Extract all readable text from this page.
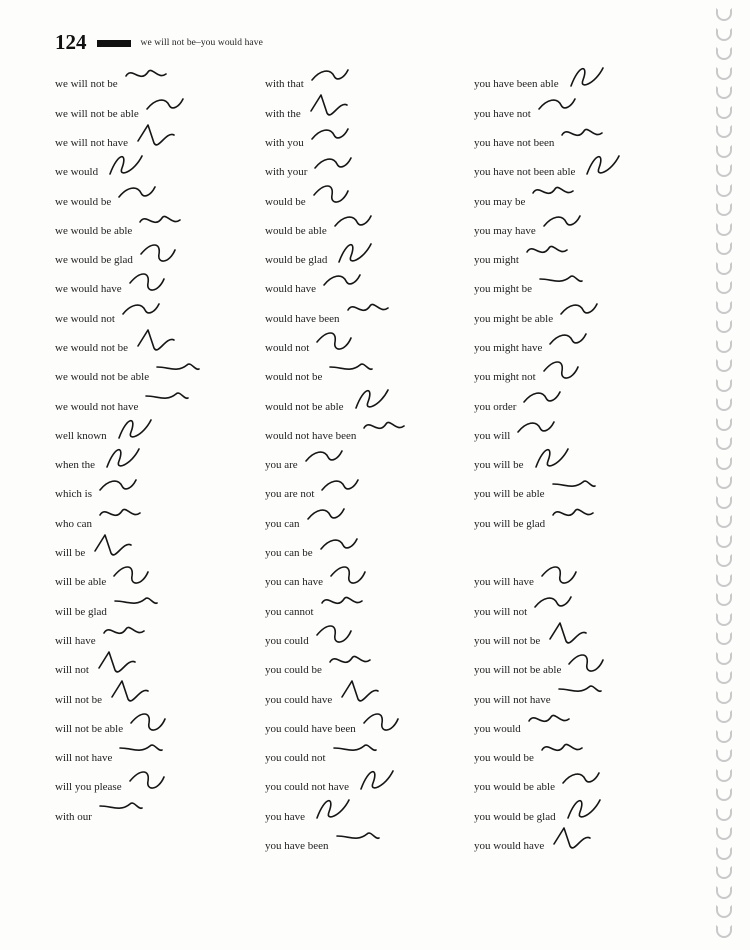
124	we will not be–you would have
we will not be
we will not be able
we will not have
we would
we would be
we would be able
we would be glad
we would have
we would not
we would not be
we would not be able
we would not have
well known
when the
which is
who can
will be
will be able
will be glad
will have
will not
will not be
will not be able
will not have
will you please
with our
with that
with the
with you
with your
would be
would be able
would be glad
would have
would have been
would not
would not be
would not be able
would not have been
you are
you are not
you can
you can be
you can have
you cannot
you could
you could be
you could have
you could have been
you could not
you could not have
you have
you have been
you have been able
you have not
you have not been
you have not been able
you may be
you may have
you might
you might be
you might be able
you might have
you might not
you order
you will
you will be
you will be able
you will be glad
you will have
you will not
you will not be
you will not be able
you will not have
you would
you would be
you would be able
you would be glad
you would have
